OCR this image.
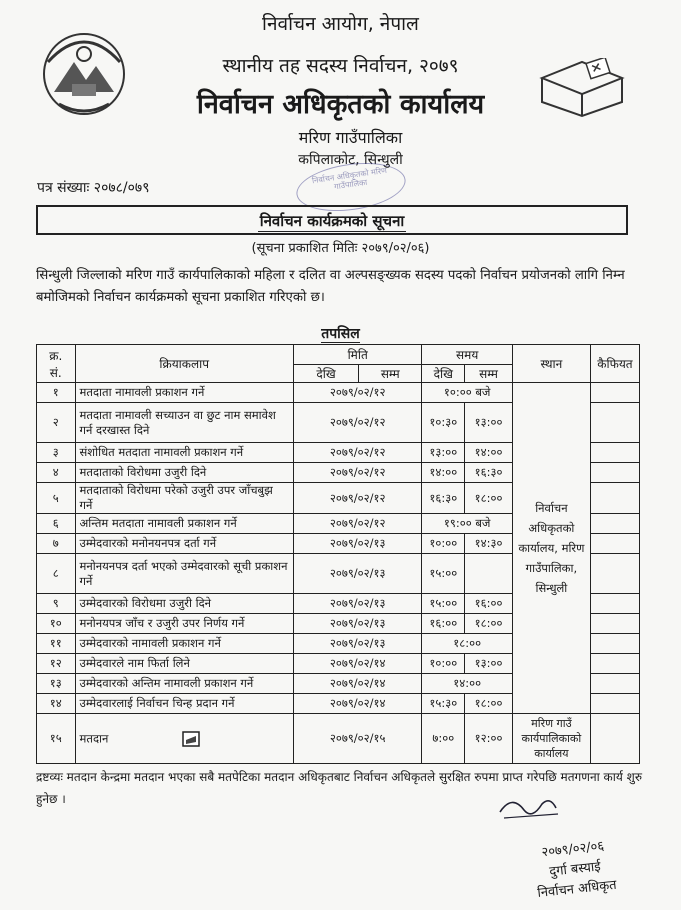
निर्वाचन आयोग, नेपाल
स्थानीय तह सदस्य निर्वाचन, २०७९
निर्वाचन अधिकृतको कार्यालय
मरिण गाउँपालिका
कपिलाकोट, सिन्धुली
निर्वाचन अधिकृतको मरिण गाउँपालिका
पत्र संख्याः २०७८/०७९
निर्वाचन कार्यक्रमको सूचना
(सूचना प्रकाशित मितिः २०७९/०२/०६)
सिन्धुली जिल्लाको मरिण गाउँ कार्यपालिकाको महिला र दलित वा अल्पसङ्ख्यक सदस्य पदको निर्वाचन प्रयोजनको लागि निम्न बमोजिमको निर्वाचन कार्यक्रमको सूचना प्रकाशित गरिएको छ।
तपसिल
क्र.
सं.	क्रियाकलाप	मिति		समय		स्थान	कैफियत
		देखि	सम्म	देखि	सम्म		
१	मतदाता नामावली प्रकाशन गर्ने	२०७९/०२/१२		१०:०० बजे		निर्वाचन अधिकृतको कार्यालय, मरिण गाउँपालिका, सिन्धुली	
२	मतदाता नामावली सच्याउन वा छुट नाम समावेश गर्न दरखास्त दिने	२०७९/०२/१२		१०:३०	१३:००		
३	संशोधित मतदाता नामावली प्रकाशन गर्ने	२०७९/०२/१२		१३:००	१४:००		
४	मतदाताको विरोधमा उजुरी दिने	२०७९/०२/१२		१४:००	१६:३०		
५	मतदाताको विरोधमा परेको उजुरी उपर जाँचबुझ गर्ने	२०७९/०२/१२		१६:३०	१८:००		
६	अन्तिम मतदाता नामावली प्रकाशन गर्ने	२०७९/०२/१२		१९:०० बजे			
७	उम्मेदवारको मनोनयनपत्र दर्ता गर्ने	२०७९/०२/१३		१०:००	१४:३०		
८	मनोनयनपत्र दर्ता भएको उम्मेदवारको सूची प्रकाशन गर्ने	२०७९/०२/१३		१५:००			
९	उम्मेदवारको विरोधमा उजुरी दिने	२०७९/०२/१३		१५:००	१६:००		
१०	मनोनयपत्र जाँच र उजुरी उपर निर्णय गर्ने	२०७९/०२/१३		१६:००	१८:००		
११	उम्मेदवारको नामावली प्रकाशन गर्ने	२०७९/०२/१३		१८:००			
१२	उम्मेदवारले नाम फिर्ता लिने	२०७९/०२/१४		१०:००	१३:००		
१३	उम्मेदवारको अन्तिम नामावली प्रकाशन गर्ने	२०७९/०२/१४		१४:००			
१४	उम्मेदवारलाई निर्वाचन चिन्ह प्रदान गर्ने	२०७९/०२/१४		१५:३०	१८:००		
१५	मतदान	२०७९/०२/१५		७:००	१२:००	मरिण गाउँ कार्यपालिकाको कार्यालय	
द्रष्टव्यः मतदान केन्द्रमा मतदान भएका सबै मतपेटिका मतदान अधिकृतबाट निर्वाचन अधिकृतले सुरक्षित रुपमा प्राप्त गरेपछि मतगणना कार्य शुरु हुनेछ ।
२०७९/०२/०६
दुर्गा बस्याई
निर्वाचन अधिकृत
